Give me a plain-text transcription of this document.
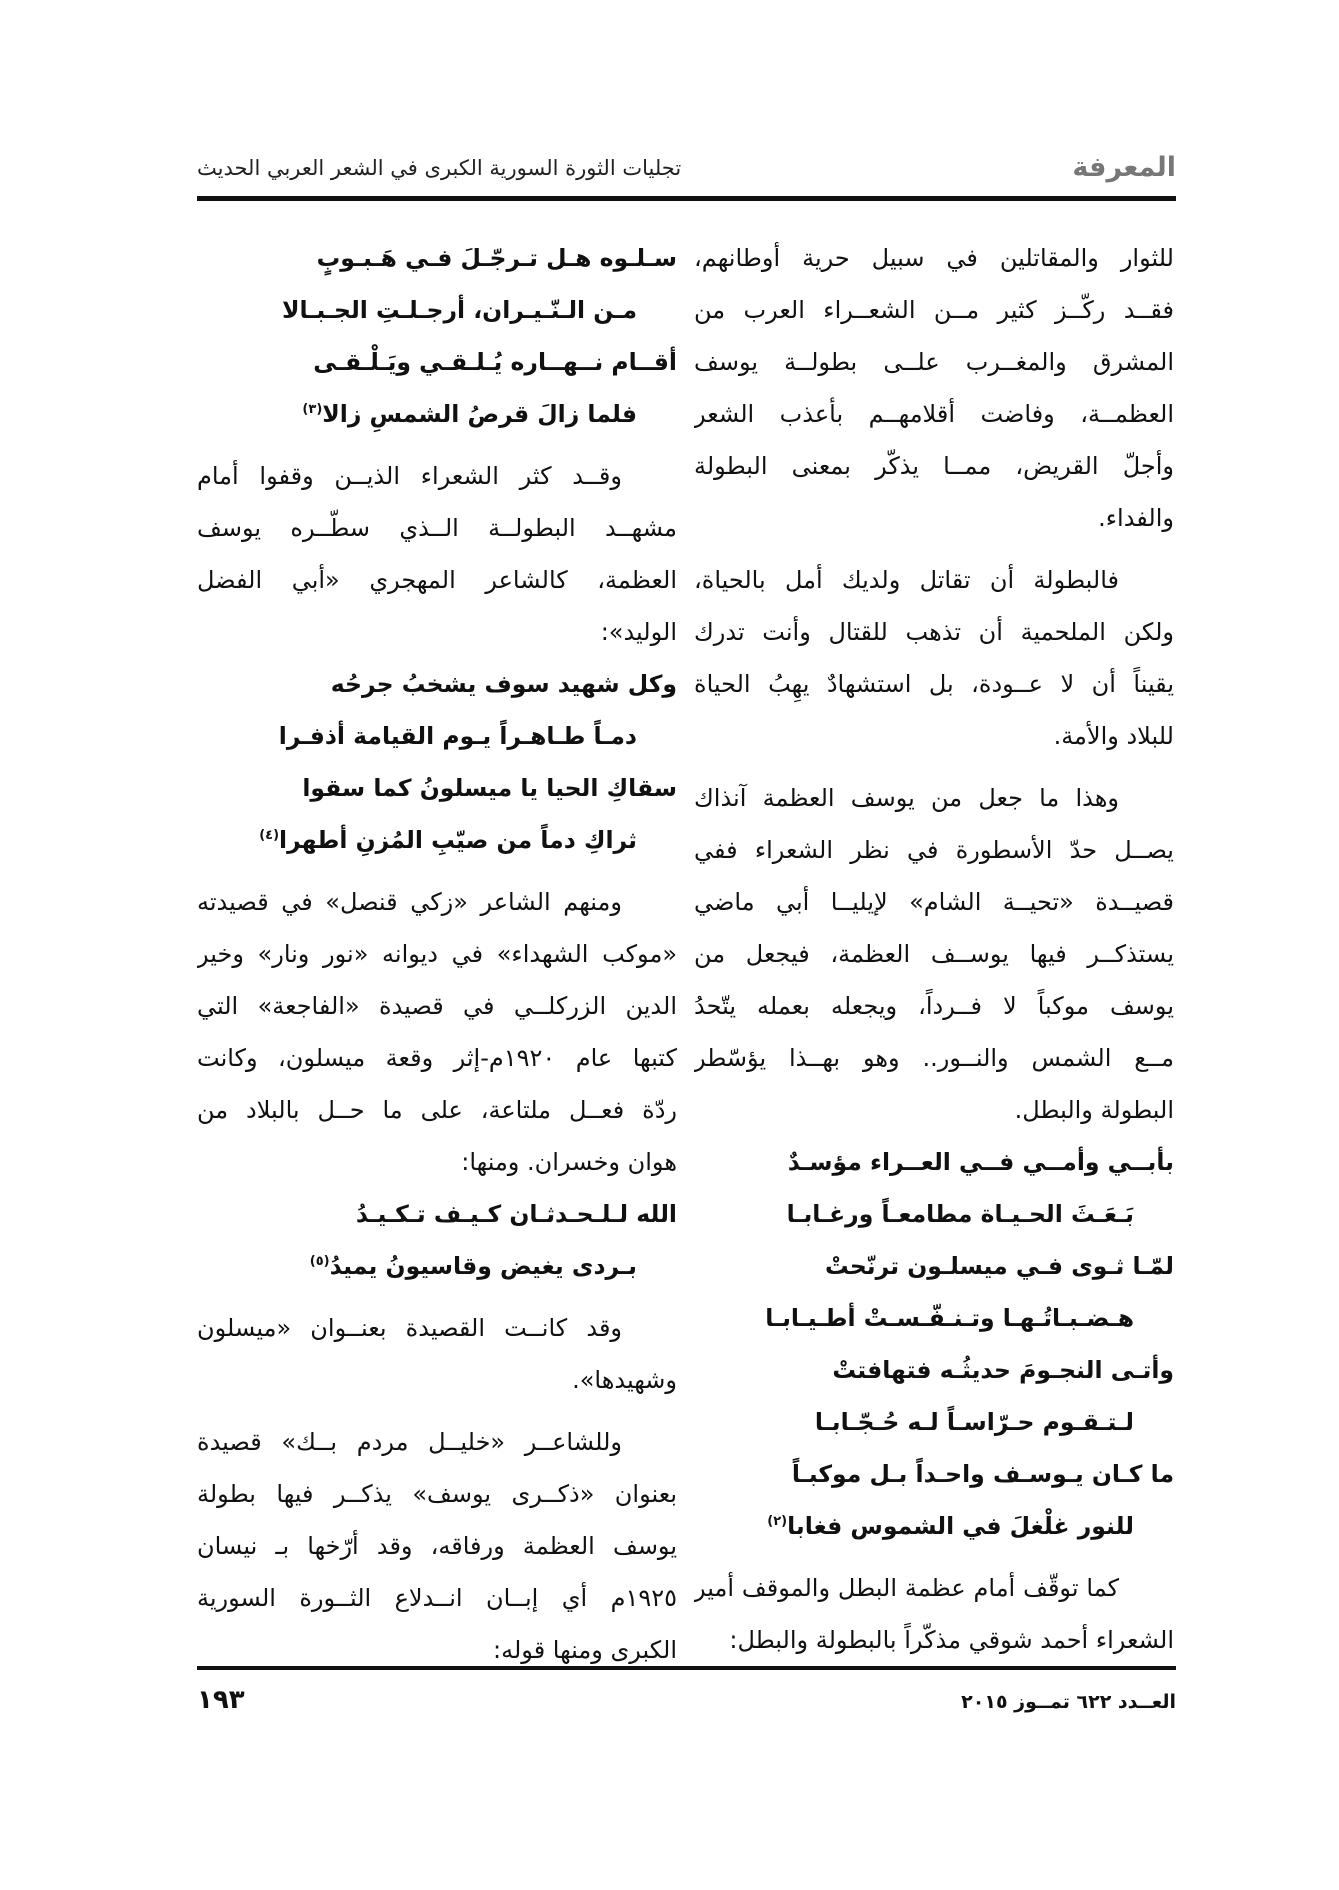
المعرفة
تجليات الثورة السورية الكبرى في الشعر العربي الحديث
للثوار والمقاتلين في سبيل حرية أوطانهم،
فقــد ركّــز كثير مــن الشعــراء العرب من
المشرق والمغــرب علــى بطولــة يوسف
العظمــة، وفاضت أقلامهــم بأعذب الشعر
وأجلّ القريض، ممــا يذكّر بمعنى البطولة
والفداء.
فالبطولة أن تقاتل ولديك أمل بالحياة،
ولكن الملحمية أن تذهب للقتال وأنت تدرك
يقيناً أن لا عــودة، بل استشهادٌ يهِبُ الحياة
للبلاد والأمة.
وهذا ما جعل من يوسف العظمة آنذاك
يصــل حدّ الأسطورة في نظر الشعراء ففي
قصيــدة «تحيــة الشام» لإيليــا أبي ماضي
يستذكــر فيها يوســف العظمة، فيجعل من
يوسف موكباً لا فــرداً، ويجعله بعمله يتّحدُ
مــع الشمس والنــور.. وهو بهــذا يؤسّطر
البطولة والبطل.
بأبــي وأمــي فــي العــراء مؤسـدٌ
بَـعَـثَ الحـيـاة مطامعـاً ورغـابـا
لمّـا ثـوى فـي ميسلـون ترنّحتْ
هـضـبـاتُـهـا وتـنـفّـسـتْ أطـيـابـا
وأتـى النجـومَ حديثُـه فتهافتتْ
لـتـقـوم حـرّاسـاً لـه حُـجّـابـا
ما كـان يـوسـف واحـداً بـل موكبـاً
للنور غلْغلَ في الشموس فغابا$^{(٢)}$
كما توقّف أمام عظمة البطل والموقف أمير
الشعراء أحمد شوقي مذكّراً بالبطولة والبطل:
سـلـوه هـل تـرجّـلَ فـي هَـبـوبٍ
مـن الـنّـيـران، أرجـلـتِ الجـبـالا
أقــام نــهــاره يُـلـقـي ويَـلْـقـى
فلما زالَ قرصُ الشمسِ زالا$^{(٣)}$
وقــد كثر الشعراء الذيــن وقفوا أمام
مشهــد البطولــة الــذي سطّــره يوسف
العظمة، كالشاعر المهجري «أبي الفضل
الوليد»:
وكل شهيد سوف يشخبُ جرحُه
دمـاً طـاهـراً يـوم القيامة أذفـرا
سقاكِ الحيا يا ميسلونُ كما سقوا
ثراكِ دماً من صيّبِ المُزنِ أطهرا$^{(٤)}$
ومنهم الشاعر «زكي قنصل» في قصيدته
«موكب الشهداء» في ديوانه «نور ونار» وخير
الدين الزركلــي في قصيدة «الفاجعة» التي
كتبها عام ١٩٢٠م-إثر وقعة ميسلون، وكانت
ردّة فعــل ملتاعة، على ما حــل بالبلاد من
هوان وخسران. ومنها:
الله لـلـحـدثـان كـيـف تـكـيـدُ
بـردى يغيض وقاسيونُ يميدُ$^{(٥)}$
وقد كانــت القصيدة بعنــوان «ميسلون
وشهيدها».
وللشاعــر «خليــل مردم بــك» قصيدة
بعنوان «ذكــرى يوسف» يذكــر فيها بطولة
يوسف العظمة ورفاقه، وقد أرّخها بـ نيسان
١٩٢٥م أي إبــان انــدلاع الثــورة السورية
الكبرى ومنها قوله:
العــدد ٦٢٢ تمــوز ٢٠١٥
١٩٣
